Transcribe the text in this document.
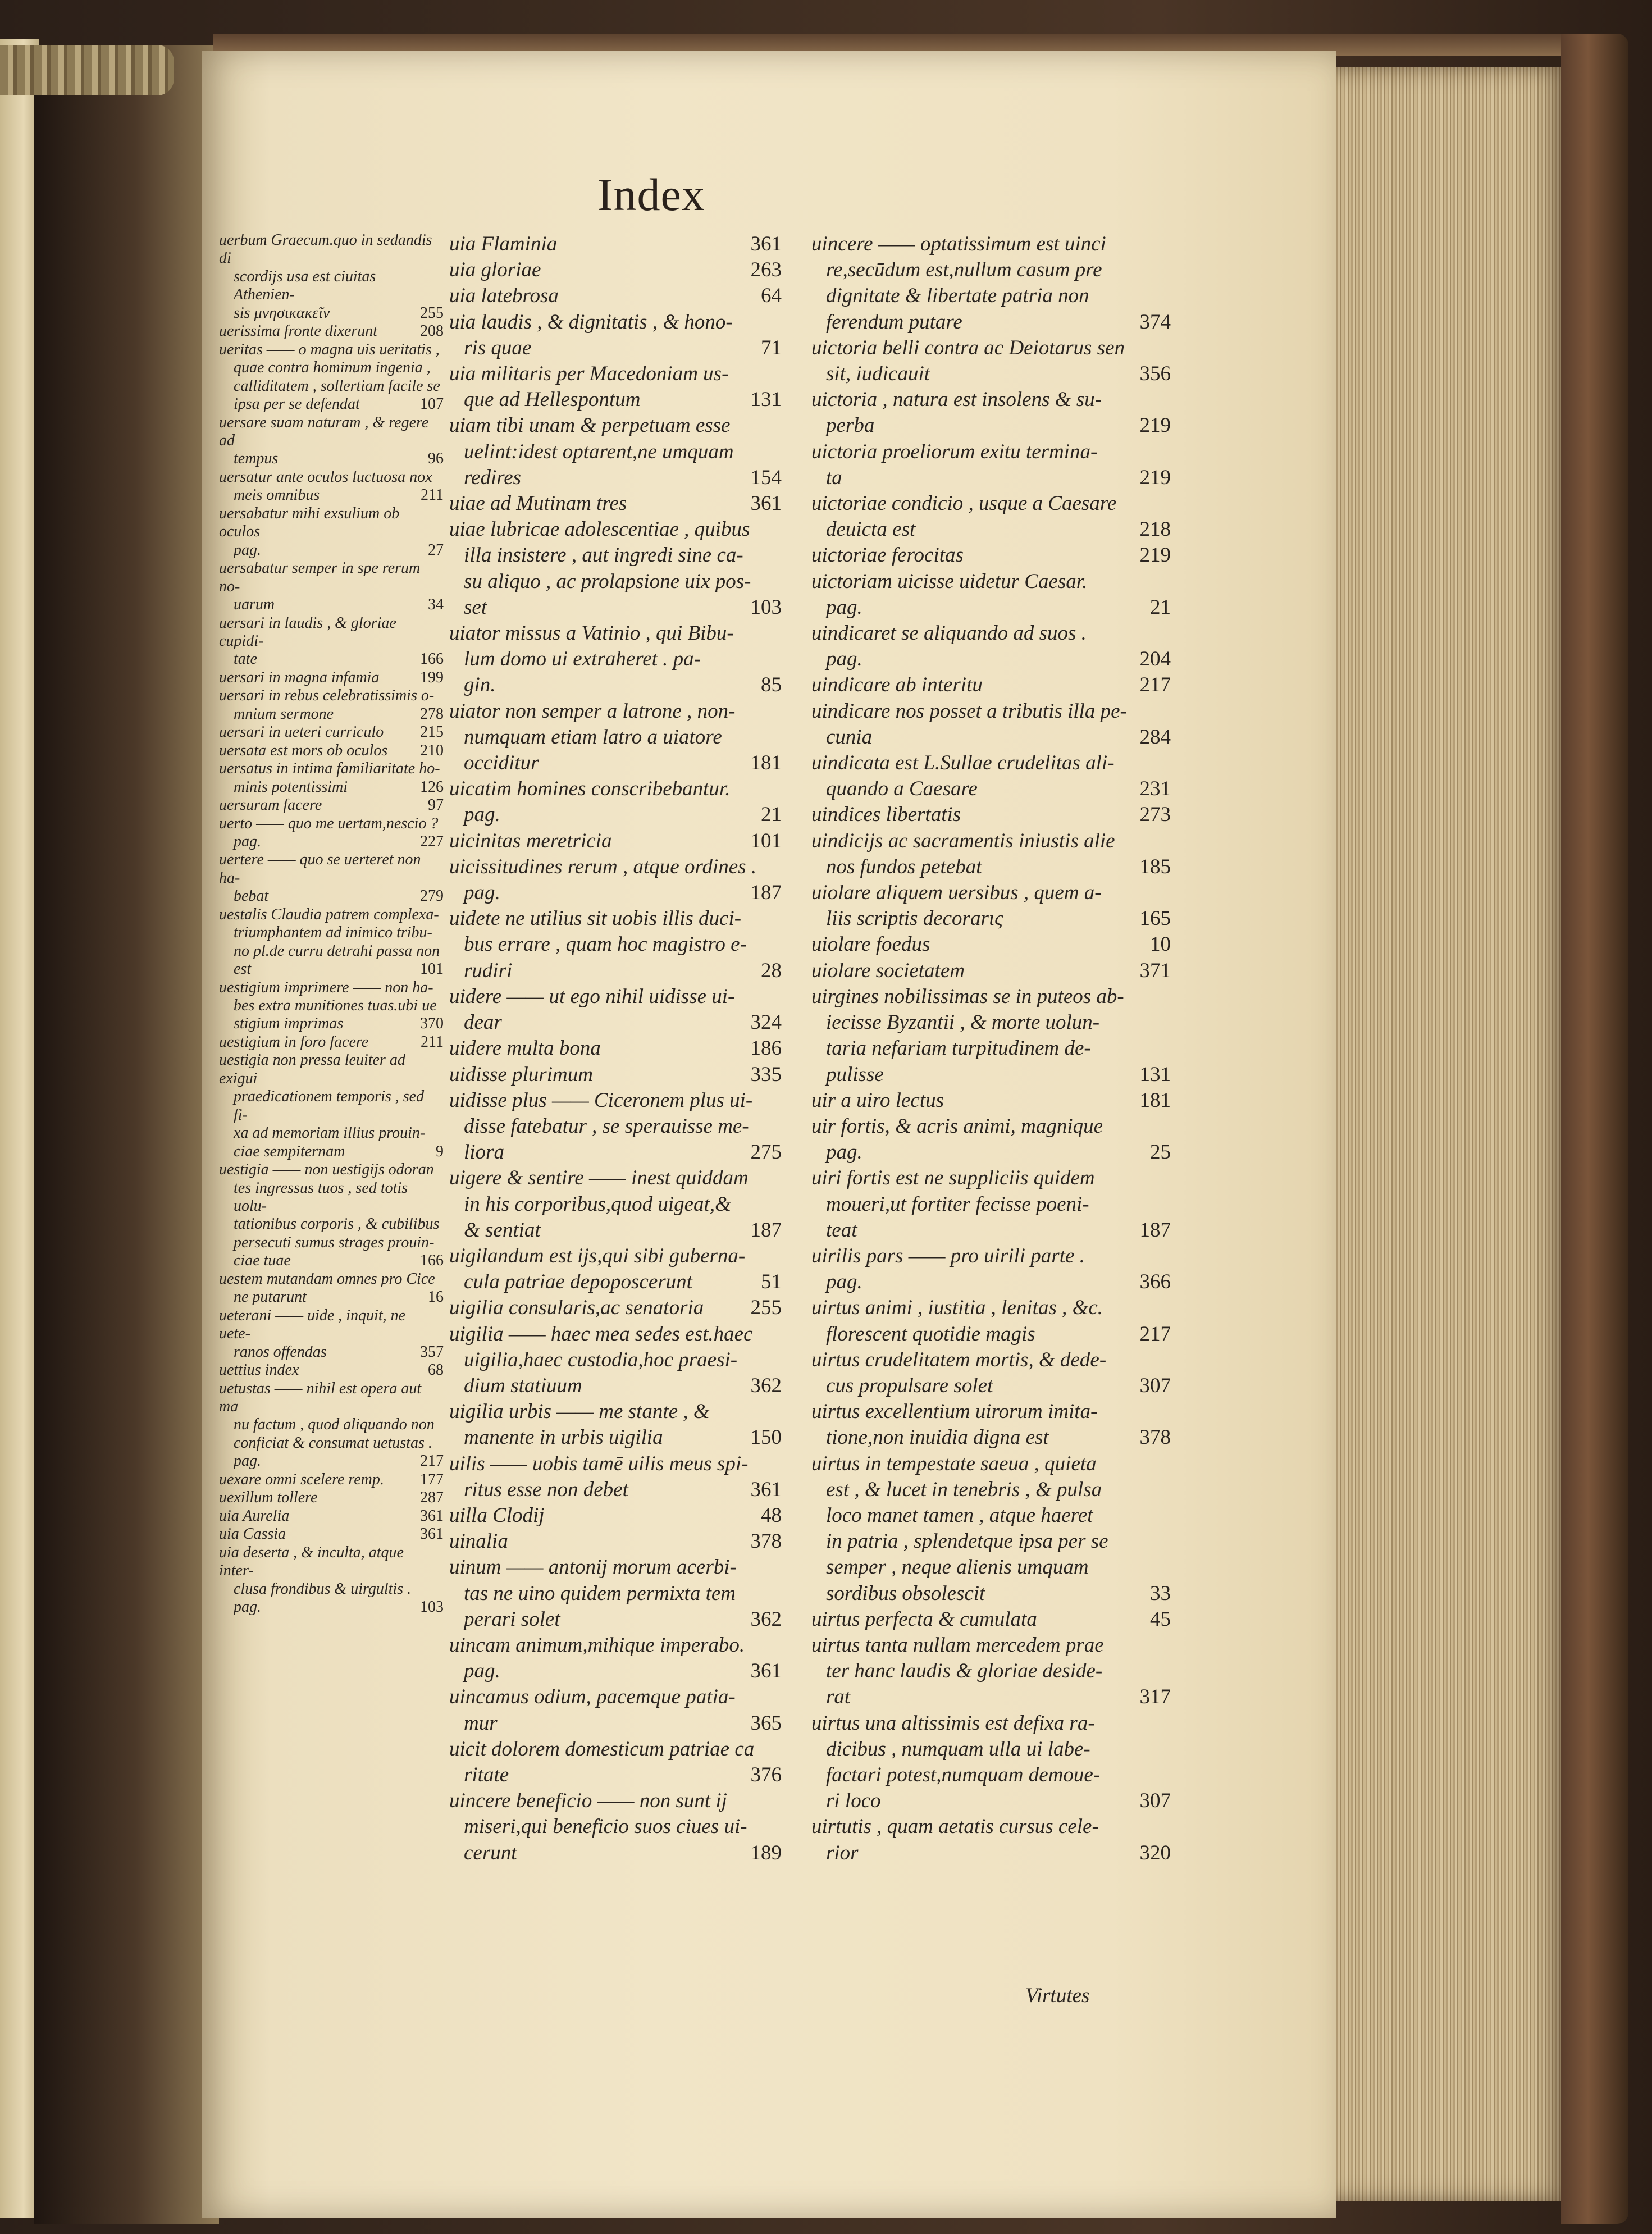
Index
uerbum Graecum.quo in sedandis di
scordijs usa est ciuitas Athenien-
sis μνησικακεῖν	255
uerissima fronte dixerunt	208
ueritas —— o magna uis ueritatis ,
quae contra hominum ingenia ,
calliditatem , sollertiam facile se
ipsa per se defendat	107
uersare suam naturam , & regere ad
tempus	96
uersatur ante oculos luctuosa nox
meis omnibus	211
uersabatur mihi exsulium ob oculos
pag.	27
uersabatur semper in spe rerum no-
uarum	34
uersari in laudis , & gloriae cupidi-
tate	166
uersari in magna infamia	199
uersari in rebus celebratissimis o-
mnium sermone	278
uersari in ueteri curriculo	215
uersata est mors ob oculos	210
uersatus in intima familiaritate ho-
minis potentissimi	126
uersuram facere	97
uerto —— quo me uertam,nescio ?
pag.	227
uertere —— quo se uerteret non ha-
bebat	279
uestalis Claudia patrem complexa-
triumphantem ad inimico tribu-
no pl.de curru detrahi passa non
est	101
uestigium imprimere —— non ha-
bes extra munitiones tuas.ubi ue
stigium imprimas	370
uestigium in foro facere	211
uestigia non pressa leuiter ad exigui
praedicationem temporis , sed fi-
xa ad memoriam illius prouin-
ciae sempiternam	9
uestigia —— non uestigijs odoran
tes ingressus tuos , sed totis uolu-
tationibus corporis , & cubilibus
persecuti sumus strages prouin-
ciae tuae	166
uestem mutandam omnes pro Cice
ne putarunt	16
ueterani —— uide , inquit, ne uete-
ranos offendas	357
uettius index	68
uetustas —— nihil est opera aut ma
nu factum , quod aliquando non
conficiat & consumat uetustas .
pag.	217
uexare omni scelere remp.	177
uexillum tollere	287
uia Aurelia	361
uia Cassia	361
uia deserta , & inculta, atque inter-
clusa frondibus & uirgultis .
pag.	103
uia Flaminia	361
uia gloriae	263
uia latebrosa	64
uia laudis , & dignitatis , & hono-
ris quae	71
uia militaris per Macedoniam us-
que ad Hellespontum	131
uiam tibi unam & perpetuam esse
uelint:idest optarent,ne umquam
redires	154
uiae ad Mutinam tres	361
uiae lubricae adolescentiae , quibus
illa insistere , aut ingredi sine ca-
su aliquo , ac prolapsione uix pos-
set	103
uiator missus a Vatinio , qui Bibu-
lum domo ui extraheret . pa-
gin.	85
uiator non semper a latrone , non-
numquam etiam latro a uiatore
occiditur	181
uicatim homines conscribebantur.
pag.	21
uicinitas meretricia	101
uicissitudines rerum , atque ordines .
pag.	187
uidete ne utilius sit uobis illis duci-
bus errare , quam hoc magistro e-
rudiri	28
uidere —— ut ego nihil uidisse ui-
dear	324
uidere multa bona	186
uidisse plurimum	335
uidisse plus —— Ciceronem plus ui-
disse fatebatur , se sperauisse me-
liora	275
uigere & sentire —— inest quiddam
in his corporibus,quod uigeat,&
& sentiat	187
uigilandum est ijs,qui sibi guberna-
cula patriae depoposcerunt	51
uigilia consularis,ac senatoria	255
uigilia —— haec mea sedes est.haec
uigilia,haec custodia,hoc praesi-
dium statiuum	362
uigilia urbis —— me stante , &
manente in urbis uigilia	150
uilis —— uobis tamē uilis meus spi-
ritus esse non debet	361
uilla Clodij	48
uinalia	378
uinum —— antonij morum acerbi-
tas ne uino quidem permixta tem
perari solet	362
uincam animum,mihique imperabo.
pag.	361
uincamus odium, pacemque patia-
mur	365
uicit dolorem domesticum patriae ca
ritate	376
uincere beneficio —— non sunt ij
miseri,qui beneficio suos ciues ui-
cerunt	189
uincere —— optatissimum est uinci
re,secūdum est,nullum casum pre
dignitate & libertate patria non
ferendum putare	374
uictoria belli contra ac Deiotarus sen
sit, iudicauit	356
uictoria , natura est insolens & su-
perba	219
uictoria proeliorum exitu termina-
ta	219
uictoriae condicio , usque a Caesare
deuicta est	218
uictoriae ferocitas	219
uictoriam uicisse uidetur Caesar.
pag.	21
uindicaret se aliquando ad suos .
pag.	204
uindicare ab interitu	217
uindicare nos posset a tributis illa pe-
cunia	284
uindicata est L.Sullae crudelitas ali-
quando a Caesare	231
uindices libertatis	273
uindicijs ac sacramentis iniustis alie
nos fundos petebat	185
uiolare aliquem uersibus , quem a-
liis scriptis decorarις	165
uiolare foedus	10
uiolare societatem	371
uirgines nobilissimas se in puteos ab-
iecisse Byzantii , & morte uolun-
taria nefariam turpitudinem de-
pulisse	131
uir a uiro lectus	181
uir fortis, & acris animi, magnique
pag.	25
uiri fortis est ne suppliciis quidem
moueri,ut fortiter fecisse poeni-
teat	187
uirilis pars —— pro uirili parte .
pag.	366
uirtus animi , iustitia , lenitas , &c.
florescent quotidie magis	217
uirtus crudelitatem mortis, & dede-
cus propulsare solet	307
uirtus excellentium uirorum imita-
tione,non inuidia digna est	378
uirtus in tempestate saeua , quieta
est , & lucet in tenebris , & pulsa
loco manet tamen , atque haeret
in patria , splendetque ipsa per se
semper , neque alienis umquam
sordibus obsolescit	33
uirtus perfecta & cumulata	45
uirtus tanta nullam mercedem prae
ter hanc laudis & gloriae deside-
rat	317
uirtus una altissimis est defixa ra-
dicibus , numquam ulla ui labe-
factari potest,numquam demoue-
ri loco	307
uirtutis , quam aetatis cursus cele-
rior	320
Virtutes
